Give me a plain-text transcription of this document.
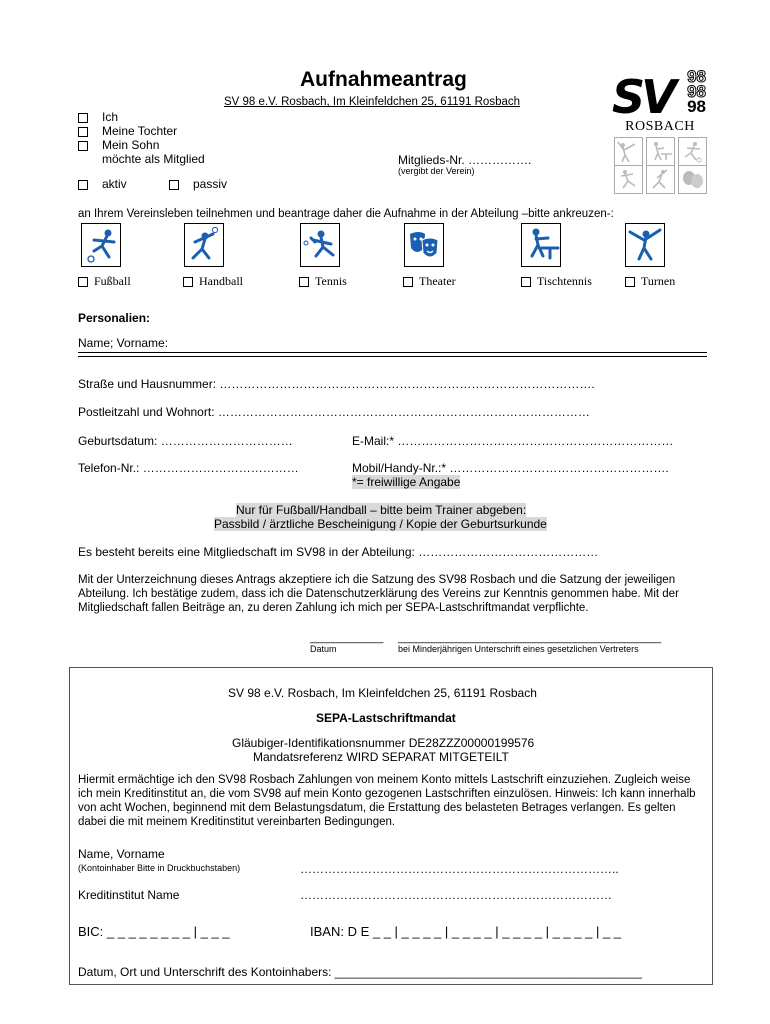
Aufnahmeantrag
SV 98 e.V. Rosbach, Im Kleinfeldchen 25, 61191 Rosbach SV 98
98
98
ROSBACH
Ich
Meine Tochter
Mein Sohn
möchte als Mitglied	Mitglieds-Nr. …………….
(vergibt der Verein)
aktiv	passiv
an Ihrem Vereinsleben teilnehmen und beantrage daher die Aufnahme in der Abteilung –bitte ankreuzen-:
Fußball	Handball	Tennis	Theater	Tischtennis	Turnen
Personalien:
Name; Vorname:
Straße und Hausnummer: ………………………………………………………………………………….
Postleitzahl und Wohnort: …………………………………………………………………………………
Geburtsdatum: ……………………………	E-Mail:* ……………………………………………………………
Telefon-Nr.: …………………………………	Mobil/Handy-Nr.:* ……………………………………………….
*= freiwillige Angabe
Nur für Fußball/Handball – bitte beim Trainer abgeben:
Passbild / ärztliche Bescheinigung / Kopie der Geburtsurkunde
Es besteht bereits eine Mitgliedschaft im SV98 in der Abteilung: ………………………………………
Mit der Unterzeichnung dieses Antrags akzeptiere ich die Satzung des SV98 Rosbach und die Satzung der jeweiligen Abteilung. Ich bestätige zudem, dass ich die Datenschutzerklärung des Vereins zur Kenntnis genommen habe. Mit der Mitgliedschaft fallen Beiträge an, zu deren Zahlung ich mich per SEPA-Lastschriftmandat verpflichte.
____________ ___________________________________________
Datum	bei Minderjährigen Unterschrift eines gesetzlichen Vertreters
SV 98 e.V. Rosbach, Im Kleinfeldchen 25, 61191 Rosbach
SEPA-Lastschriftmandat
Gläubiger-Identifikationsnummer DE28ZZZ00000199576
Mandatsreferenz WIRD SEPARAT MITGETEILT
Hiermit ermächtige ich den SV98 Rosbach Zahlungen von meinem Konto mittels Lastschrift einzuziehen. Zugleich weise ich mein Kreditinstitut an, die vom SV98 auf mein Konto gezogenen Lastschriften einzulösen. Hinweis: Ich kann innerhalb von acht Wochen, beginnend mit dem Belastungsdatum, die Erstattung des belasteten Betrages verlangen. Es gelten dabei die mit meinem Kreditinstitut vereinbarten Bedingungen.
Name, Vorname
(Kontoinhaber Bitte in Druckbuchstaben)	……………………………………………………………………..
Kreditinstitut Name	……………………………………………………………………
BIC: _ _ _ _ _ _ _ _ | _ _ _	IBAN: D E _ _ | _ _ _ _ | _ _ _ _ | _ _ _ _ | _ _ _ _ | _ _
Datum, Ort und Unterschrift des Kontoinhabers: ______________________________________________
